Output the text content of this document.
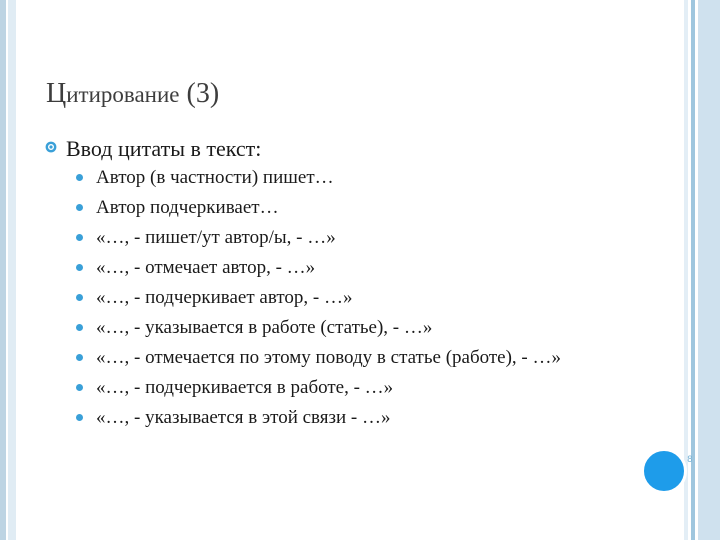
8
Цитирование (3)
Ввод цитаты в текст:
Автор (в частности) пишет…
Автор подчеркивает…
«…, - пишет/ут автор/ы, - …»
«…, - отмечает автор, - …»
«…, - подчеркивает автор, - …»
«…, - указывается в работе (статье), - …»
«…, - отмечается по этому поводу в статье (работе), - …»
«…, - подчеркивается в работе, - …»
«…, - указывается в этой связи - …»
